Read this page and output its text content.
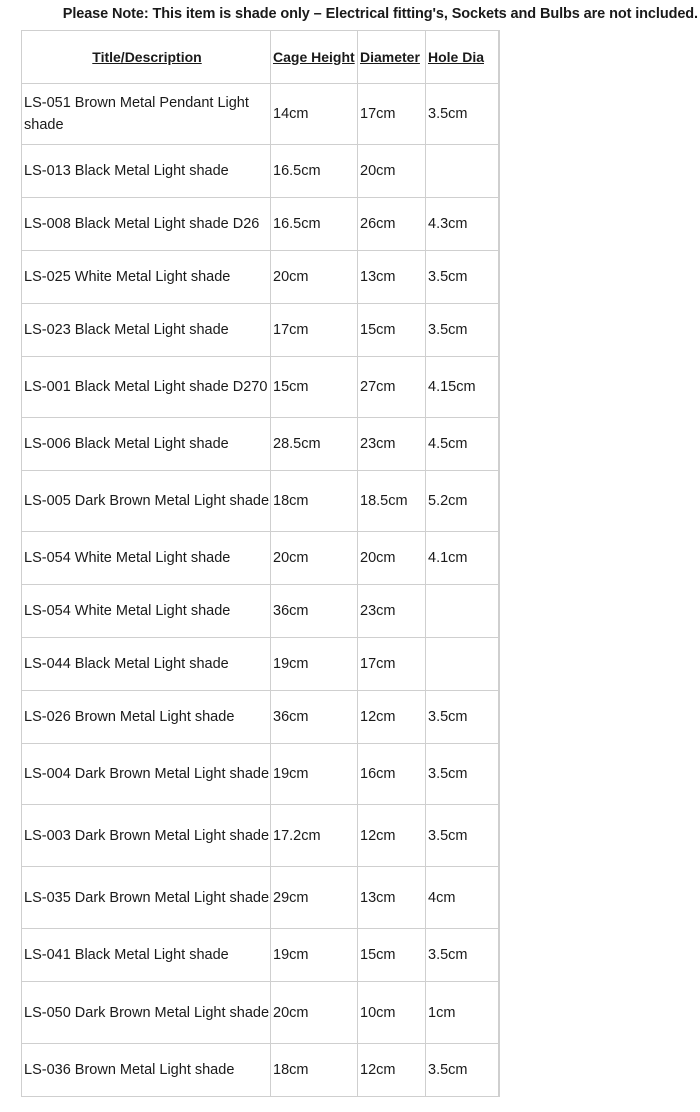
Please Note: This item is shade only – Electrical fitting's, Sockets and Bulbs are not included.
Title/Description	Cage Height	Diameter	Hole Dia	
LS-051 Brown Metal Pendant Light shade	14cm	17cm	3.5cm	
LS-013 Black Metal Light shade	16.5cm	20cm		
LS-008 Black Metal Light shade D26	16.5cm	26cm	4.3cm	
LS-025 White Metal Light shade	20cm	13cm	3.5cm	
LS-023 Black Metal Light shade	17cm	15cm	3.5cm	
LS-001 Black Metal Light shade D270	15cm	27cm	4.15cm	
LS-006 Black Metal Light shade	28.5cm	23cm	4.5cm	
LS-005 Dark Brown Metal Light shade	18cm	18.5cm	5.2cm	
LS-054 White Metal Light shade	20cm	20cm	4.1cm	
LS-054 White Metal Light shade	36cm	23cm		
LS-044 Black Metal Light shade	19cm	17cm		
LS-026 Brown Metal Light shade	36cm	12cm	3.5cm	
LS-004 Dark Brown Metal Light shade	19cm	16cm	3.5cm	
LS-003 Dark Brown Metal Light shade	17.2cm	12cm	3.5cm	
LS-035 Dark Brown Metal Light shade	29cm	13cm	4cm	
LS-041 Black Metal Light shade	19cm	15cm	3.5cm	
LS-050 Dark Brown Metal Light shade	20cm	10cm	1cm	
LS-036 Brown Metal Light shade	18cm	12cm	3.5cm	
